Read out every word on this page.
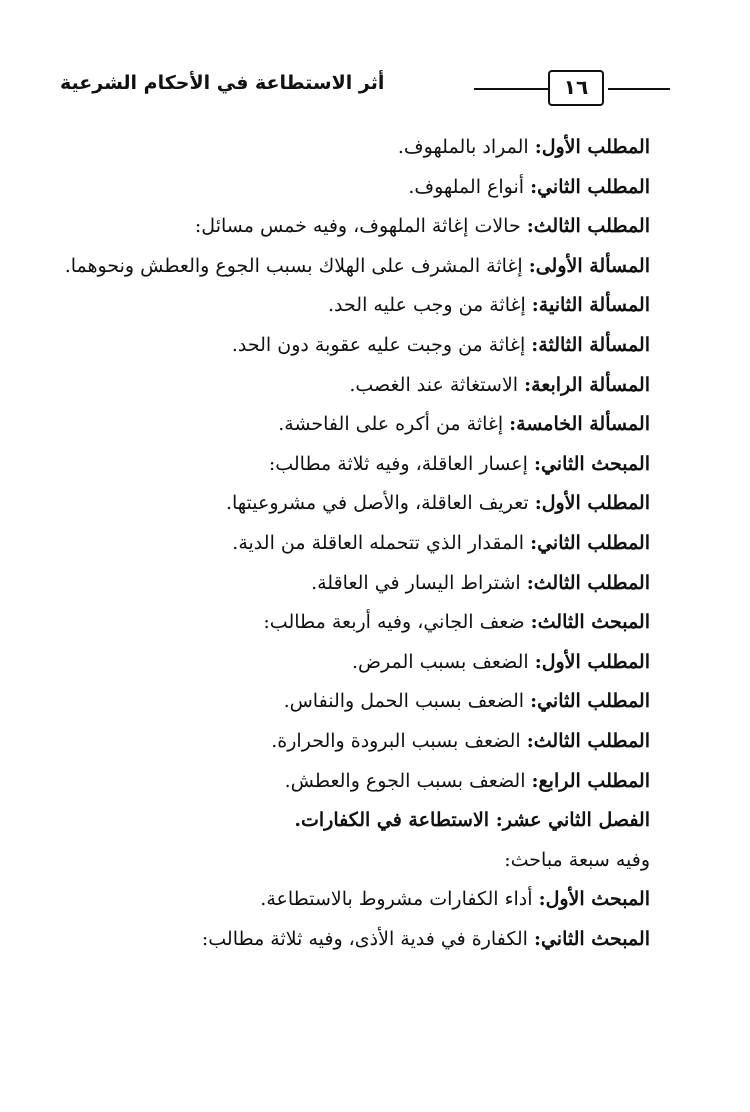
١٦
أثر الاستطاعة في الأحكام الشرعية
المطلب الأول: المراد بالملهوف.
المطلب الثاني: أنواع الملهوف.
المطلب الثالث: حالات إغاثة الملهوف، وفيه خمس مسائل:
المسألة الأولى: إغاثة المشرف على الهلاك بسبب الجوع والعطش ونحوهما.
المسألة الثانية: إغاثة من وجب عليه الحد.
المسألة الثالثة: إغاثة من وجبت عليه عقوبة دون الحد.
المسألة الرابعة: الاستغاثة عند الغصب.
المسألة الخامسة: إغاثة من أكره على الفاحشة.
المبحث الثاني: إعسار العاقلة، وفيه ثلاثة مطالب:
المطلب الأول: تعريف العاقلة، والأصل في مشروعيتها.
المطلب الثاني: المقدار الذي تتحمله العاقلة من الدية.
المطلب الثالث: اشتراط اليسار في العاقلة.
المبحث الثالث: ضعف الجاني، وفيه أربعة مطالب:
المطلب الأول: الضعف بسبب المرض.
المطلب الثاني: الضعف بسبب الحمل والنفاس.
المطلب الثالث: الضعف بسبب البرودة والحرارة.
المطلب الرابع: الضعف بسبب الجوع والعطش.
الفصل الثاني عشر: الاستطاعة في الكفارات.
وفيه سبعة مباحث:
المبحث الأول: أداء الكفارات مشروط بالاستطاعة.
المبحث الثاني: الكفارة في فدية الأذى، وفيه ثلاثة مطالب:
